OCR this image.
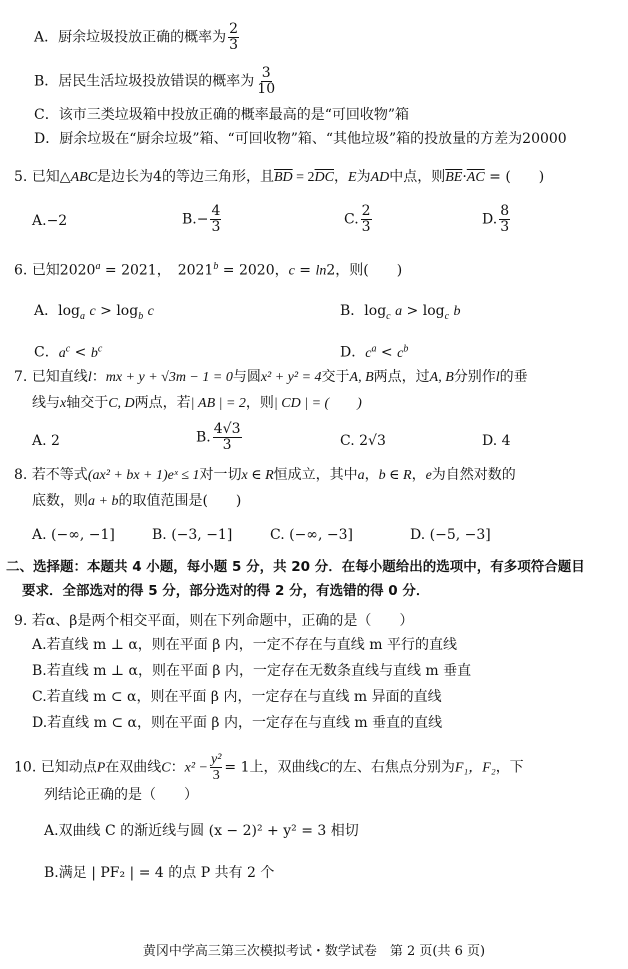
A．厨余垃圾投放正确的概率为 $\frac{2}{3}$
B．居民生活垃圾投放错误的概率为 $\frac{3}{10}$
C．该市三类垃圾箱中投放正确的概率最高的是“可回收物”箱
D．厨余垃圾在“厨余垃圾”箱、“可回收物”箱、“其他垃圾”箱的投放量的方差为20000
5. 已知△ABC是边长为4的等边三角形，且$\overline{BD} = 2\overline{DC}$，E为AD中点，则$\overline{BE}\cdot\overline{AC}$ = (　　)
A.−2	$B.- \frac{4}{3}$	C. $\frac{2}{3}$	D. $\frac{8}{3}$
6. 已知$2020^a = 2021$，　$2021^b = 2020$，c = ln2，则(　　)
A．$\log_a c > \log_b c$	B．$\log_c a > \log_c b$
C．$a^c < b^c$	D．$c^a < c^b$
7. 已知直线l：mx + y + √3m − 1 = 0与圆x² + y² = 4交于A, B两点，过A, B分别作l的垂
线与x轴交于C, D两点，若| AB | = 2，则| CD | = (　　)
A. 2	B. $\frac{4√3}{3}$	C. 2√3	D. 4
8. 若不等式(ax² + bx + 1)eˣ ≤ 1对一切x ∈ R恒成立，其中a，b ∈ R，e为自然对数的
底数，则a + b的取值范围是(　　)
A. (−∞, −1]	B. (−3, −1]	C. (−∞, −3]	D. (−5, −3]
二、选择题：本题共 4 小题，每小题 5 分，共 20 分．在每小题给出的选项中，有多项符合题目
要求．全部选对的得 5 分，部分选对的得 2 分，有选错的得 0 分．
9. 若α、β是两个相交平面，则在下列命题中，正确的是（　　）
A.若直线 m ⊥ α，则在平面 β 内，一定不存在与直线 m 平行的直线
B.若直线 m ⊥ α，则在平面 β 内，一定存在无数条直线与直线 m 垂直
C.若直线 m ⊂ α，则在平面 β 内，一定存在与直线 m 异面的直线
D.若直线 m ⊂ α，则在平面 β 内，一定存在与直线 m 垂直的直线
10. 已知动点P在双曲线C：$x^2 - \frac{\text{y²}}{3} = 1$上，双曲线C的左、右焦点分别为F₁，F₂，下
列结论正确的是（　　）
A.双曲线 C 的渐近线与圆 (x − 2)² + y² = 3 相切
B.满足 | PF₂ | = 4 的点 P 共有 2 个
黄冈中学高三第三次模拟考试・数学试卷　第 2 页(共 6 页)
